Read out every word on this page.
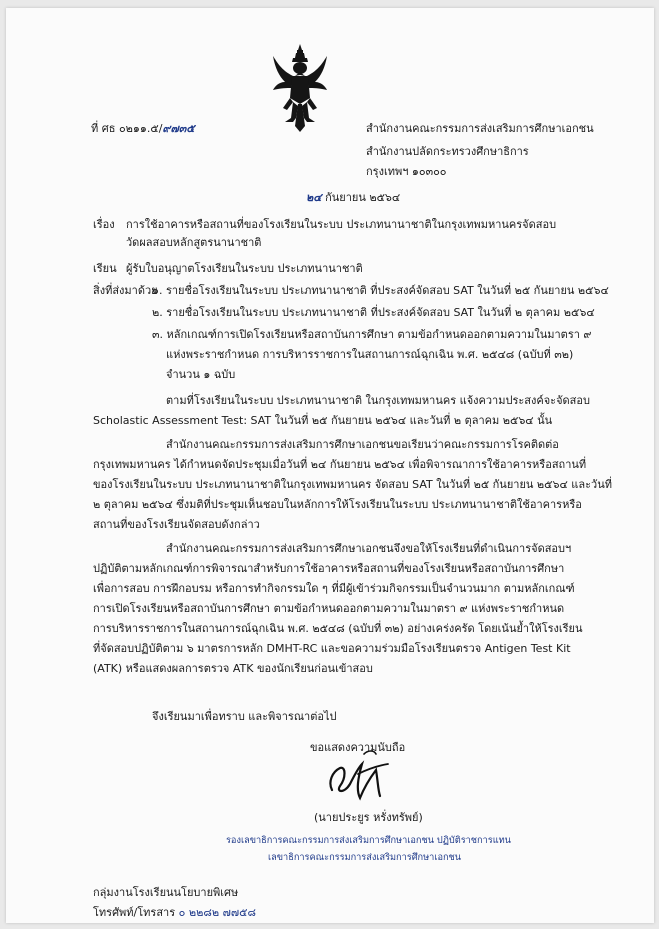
ที่ ศธ ๐๒๑๑.๕/๙๗๓๕	สำนักงานคณะกรรมการส่งเสริมการศึกษาเอกชน
สำนักงานปลัดกระทรวงศึกษาธิการ
กรุงเทพฯ ๑๐๓๐๐
๒๔ กันยายน ๒๕๖๔
เรื่อง การใช้อาคารหรือสถานที่ของโรงเรียนในระบบ ประเภทนานาชาติในกรุงเทพมหานครจัดสอบ
วัดผลสอบหลักสูตรนานาชาติ
เรียน ผู้รับใบอนุญาตโรงเรียนในระบบ ประเภทนานาชาติ
สิ่งที่ส่งมาด้วย
๑. รายชื่อโรงเรียนในระบบ ประเภทนานาชาติ ที่ประสงค์จัดสอบ SAT ในวันที่ ๒๕ กันยายน ๒๕๖๔
๒. รายชื่อโรงเรียนในระบบ ประเภทนานาชาติ ที่ประสงค์จัดสอบ SAT ในวันที่ ๒ ตุลาคม ๒๕๖๔
๓. หลักเกณฑ์การเปิดโรงเรียนหรือสถาบันการศึกษา ตามข้อกำหนดออกตามความในมาตรา ๙
แห่งพระราชกำหนด การบริหารราชการในสถานการณ์ฉุกเฉิน พ.ศ. ๒๕๔๘ (ฉบับที่ ๓๒)
จำนวน ๑ ฉบับ
ตามที่โรงเรียนในระบบ ประเภทนานาชาติ ในกรุงเทพมหานคร แจ้งความประสงค์จะจัดสอบ
Scholastic Assessment Test: SAT ในวันที่ ๒๕ กันยายน ๒๕๖๔ และวันที่ ๒ ตุลาคม ๒๕๖๔ นั้น
สำนักงานคณะกรรมการส่งเสริมการศึกษาเอกชนขอเรียนว่าคณะกรรมการโรคติดต่อ
กรุงเทพมหานคร ได้กำหนดจัดประชุมเมื่อวันที่ ๒๔ กันยายน ๒๕๖๔ เพื่อพิจารณาการใช้อาคารหรือสถานที่
ของโรงเรียนในระบบ ประเภทนานาชาติในกรุงเทพมหานคร จัดสอบ SAT ในวันที่ ๒๕ กันยายน ๒๕๖๔ และวันที่
๒ ตุลาคม ๒๕๖๔ ซึ่งมติที่ประชุมเห็นชอบในหลักการให้โรงเรียนในระบบ ประเภทนานาชาติใช้อาคารหรือ
สถานที่ของโรงเรียนจัดสอบดังกล่าว
สำนักงานคณะกรรมการส่งเสริมการศึกษาเอกชนจึงขอให้โรงเรียนที่ดำเนินการจัดสอบฯ
ปฏิบัติตามหลักเกณฑ์การพิจารณาสำหรับการใช้อาคารหรือสถานที่ของโรงเรียนหรือสถาบันการศึกษา
เพื่อการสอบ การฝึกอบรม หรือการทำกิจกรรมใด ๆ ที่มีผู้เข้าร่วมกิจกรรมเป็นจำนวนมาก ตามหลักเกณฑ์
การเปิดโรงเรียนหรือสถาบันการศึกษา ตามข้อกำหนดออกตามความในมาตรา ๙ แห่งพระราชกำหนด
การบริหารราชการในสถานการณ์ฉุกเฉิน พ.ศ. ๒๕๔๘ (ฉบับที่ ๓๒) อย่างเคร่งครัด โดยเน้นย้ำให้โรงเรียน
ที่จัดสอบปฏิบัติตาม ๖ มาตรการหลัก DMHT-RC และขอความร่วมมือโรงเรียนตรวจ Antigen Test Kit
(ATK) หรือแสดงผลการตรวจ ATK ของนักเรียนก่อนเข้าสอบ
จึงเรียนมาเพื่อทราบ และพิจารณาต่อไป
ขอแสดงความนับถือ
(นายประยูร หรั่งทรัพย์)
รองเลขาธิการคณะกรรมการส่งเสริมการศึกษาเอกชน ปฏิบัติราชการแทน
เลขาธิการคณะกรรมการส่งเสริมการศึกษาเอกชน
กลุ่มงานโรงเรียนนโยบายพิเศษ
โทรศัพท์/โทรสาร ๐ ๒๒๘๒ ๗๗๕๘
